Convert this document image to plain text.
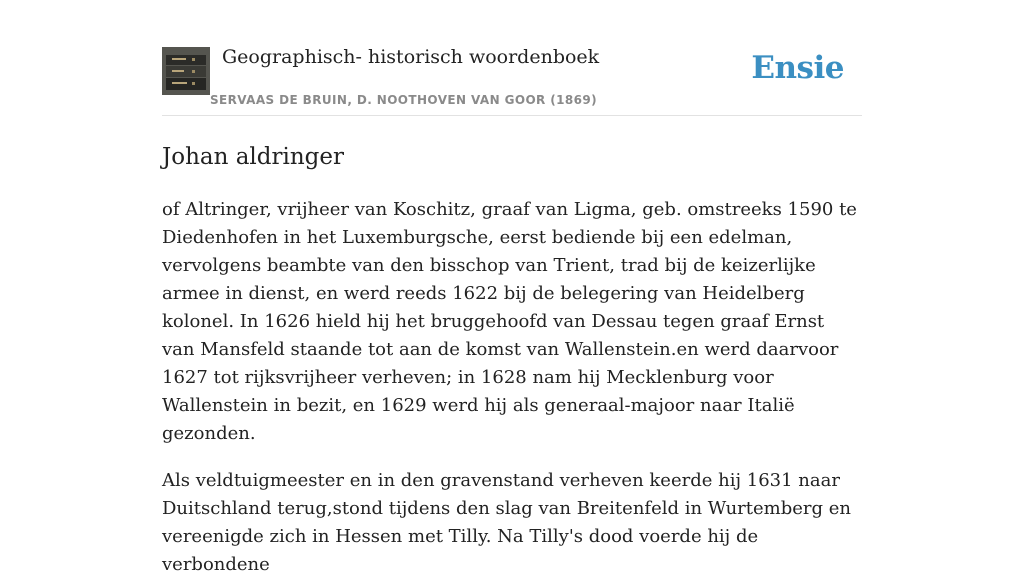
Geographisch- historisch woordenboek
SERVAAS DE BRUIN, D. NOOTHOVEN VAN GOOR (1869)
Ensie
Johan aldringer

of Altringer, vrijheer van Koschitz, graaf van Ligma, geb. omstreeks 1590 te Diedenhofen in het Luxemburgsche, eerst bediende bij een edelman, vervolgens beambte van den bisschop van Trient, trad bij de keizerlijke armee in dienst, en werd reeds 1622 bij de belegering van Heidelberg kolonel. In 1626 hield hij het bruggehoofd van Dessau tegen graaf Ernst van Mansfeld staande tot aan de komst van Wallenstein.en werd daarvoor 1627 tot rijksvrijheer verheven; in 1628 nam hij Mecklenburg voor Wallenstein in bezit, en 1629 werd hij als generaal-majoor naar Italië gezonden.

Als veldtuigmeester en in den gravenstand verheven keerde hij 1631 naar Duitschland terug,stond tijdens den slag van Breitenfeld in Wurtemberg en vereenigde zich in Hessen met Tilly. Na Tilly's dood voerde hij de verbondene
